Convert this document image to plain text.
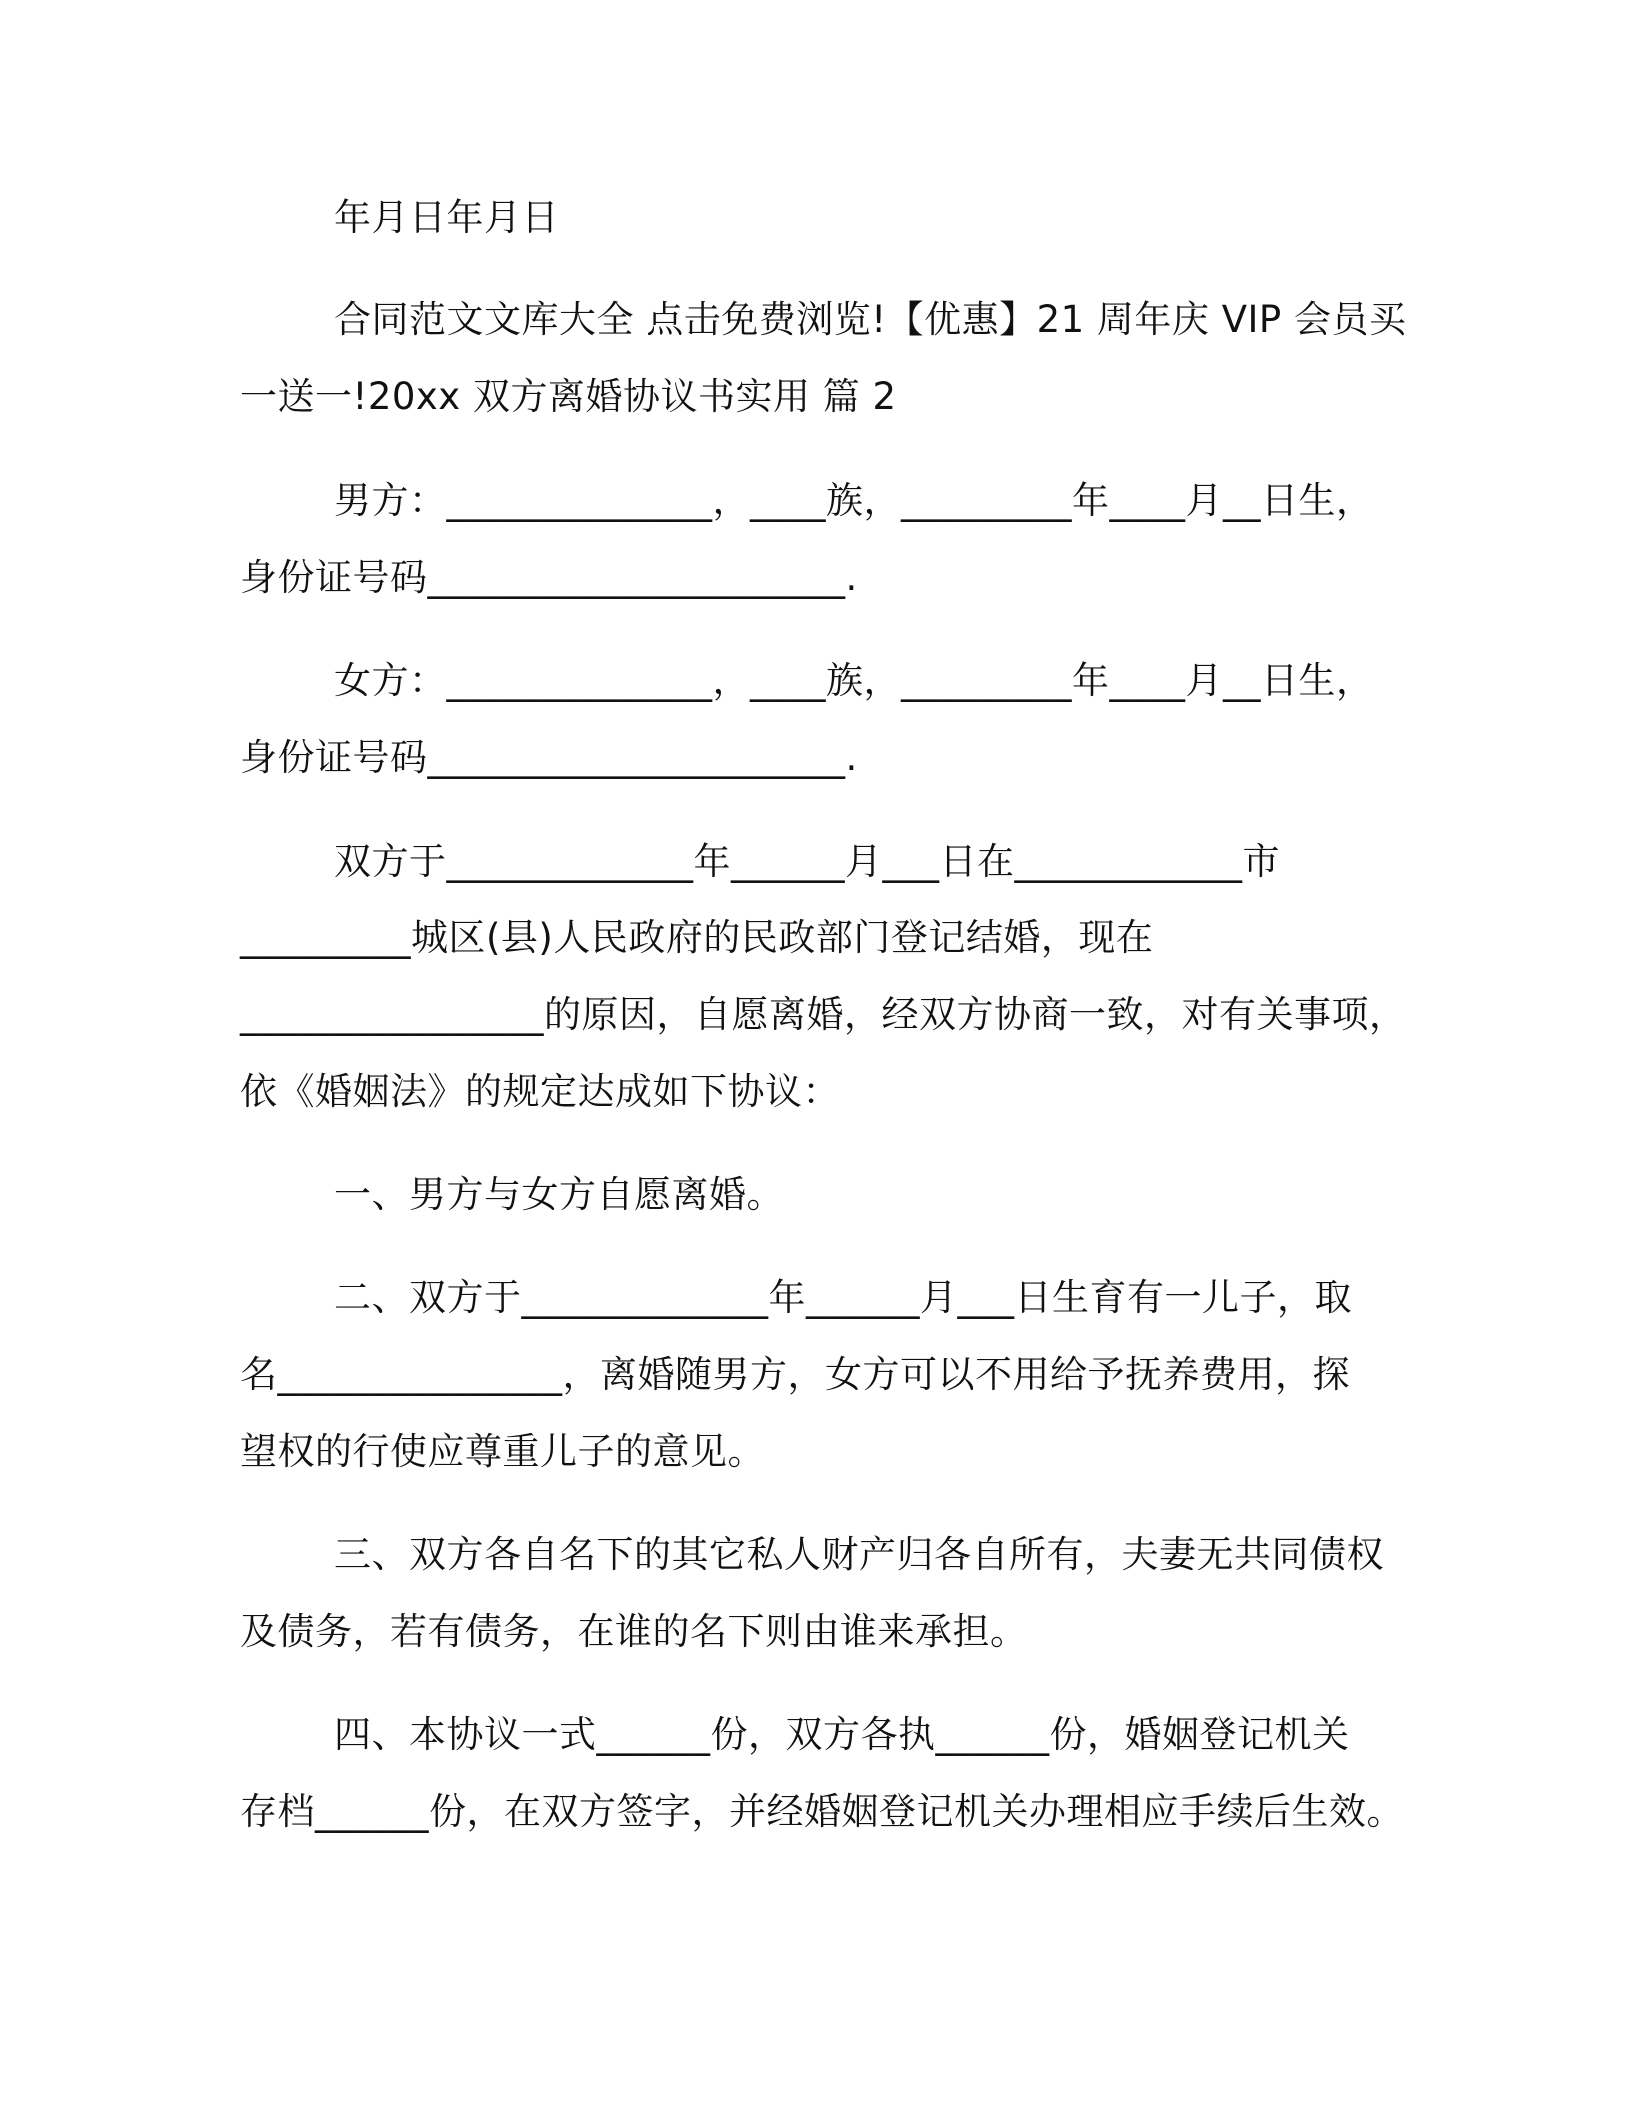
年月日年月日
合同范文文库大全 点击免费浏览!【优惠】21 周年庆 VIP 会员买
一送一!20xx 双方离婚协议书实用 篇 2
男方：______________，____族，_________年____月__日生，
身份证号码______________________.
女方：______________，____族，_________年____月__日生，
身份证号码______________________.
双方于_____________年______月___日在____________市
_________城区(县)人民政府的民政部门登记结婚，现在
________________的原因，自愿离婚，经双方协商一致，对有关事项，
依《婚姻法》的规定达成如下协议：
一、男方与女方自愿离婚。
二、双方于_____________年______月___日生育有一儿子，取
名_______________，离婚随男方，女方可以不用给予抚养费用，探
望权的行使应尊重儿子的意见。
三、双方各自名下的其它私人财产归各自所有，夫妻无共同债权
及债务，若有债务，在谁的名下则由谁来承担。
四、本协议一式______份，双方各执______份，婚姻登记机关
存档______份，在双方签字，并经婚姻登记机关办理相应手续后生效。
